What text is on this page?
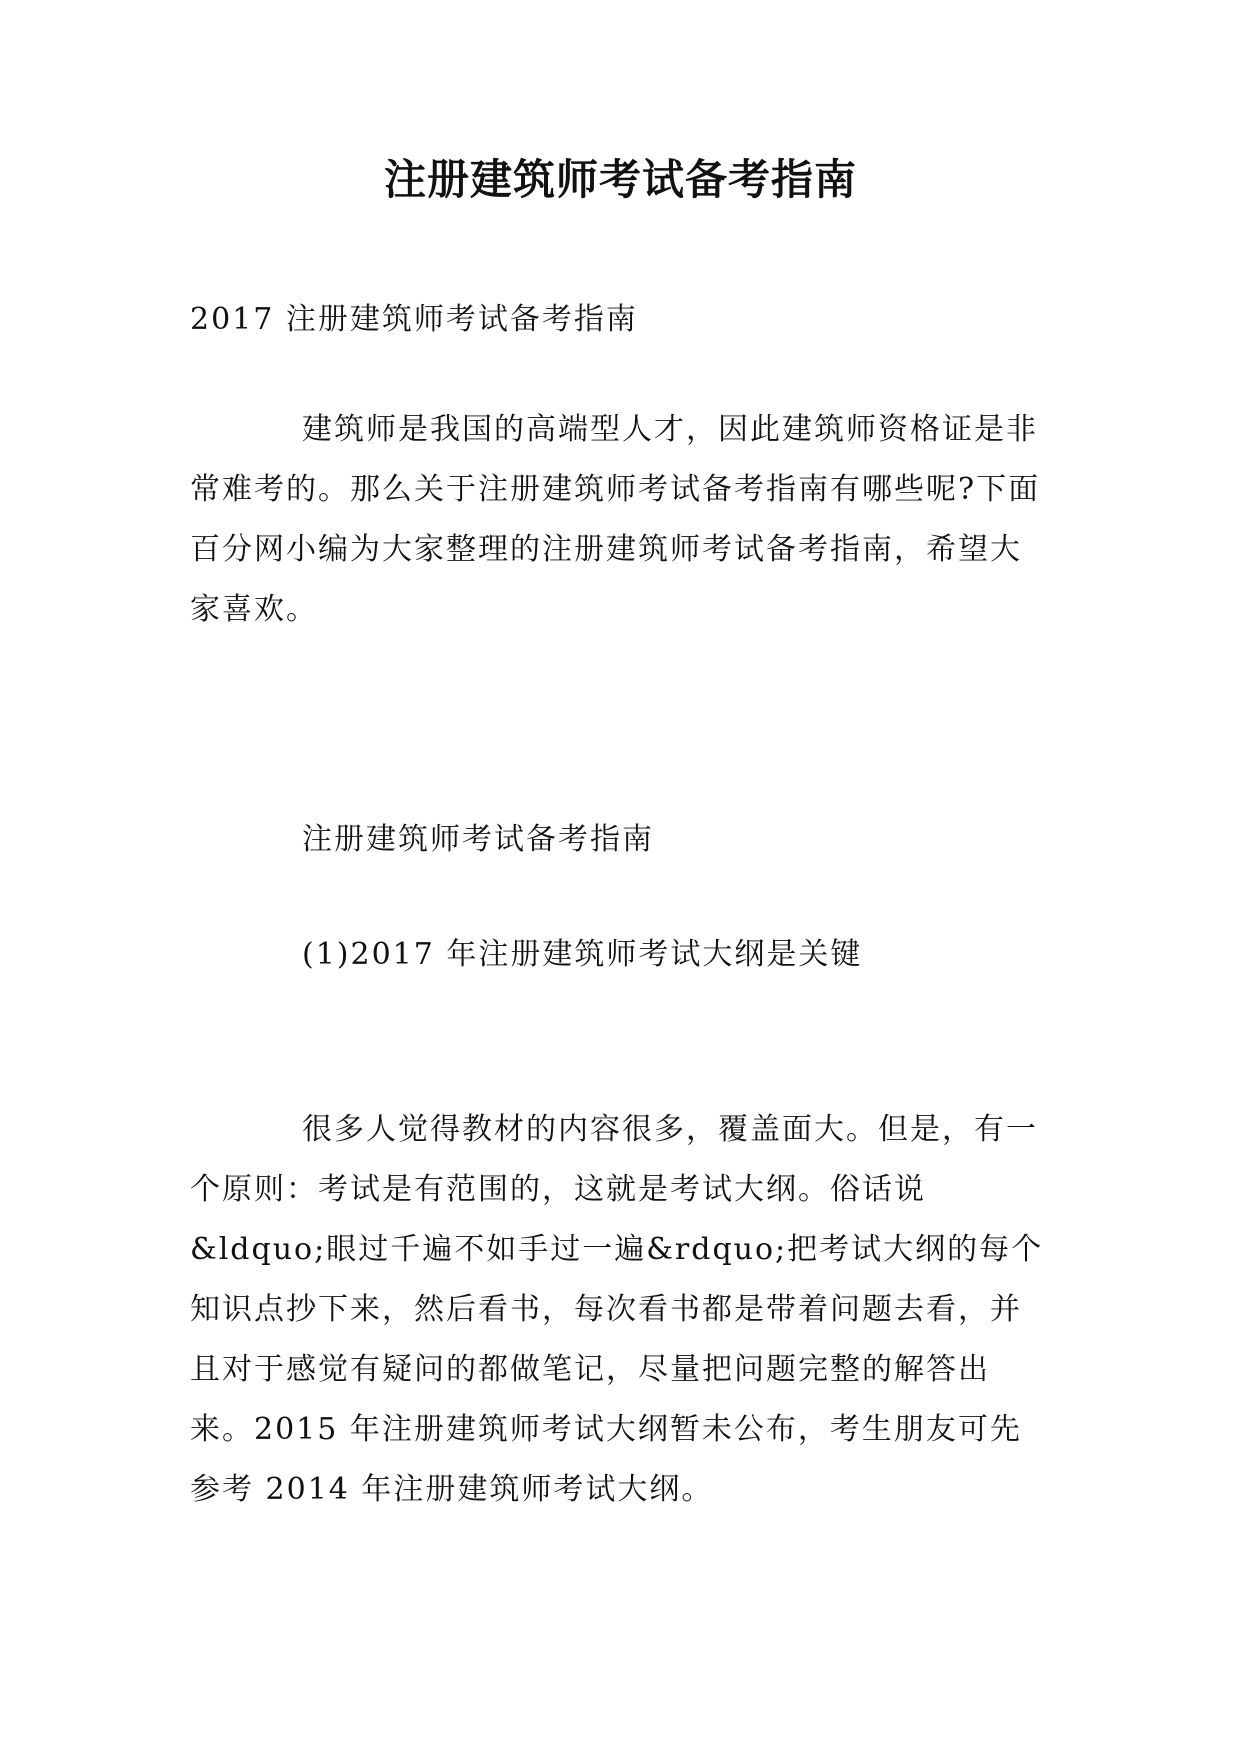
注册建筑师考试备考指南

2017 注册建筑师考试备考指南

建筑师是我国的高端型人才，因此建筑师资格证是非常难考的。那么关于注册建筑师考试备考指南有哪些呢?下面百分网小编为大家整理的注册建筑师考试备考指南，希望大家喜欢。

注册建筑师考试备考指南

(1)2017 年注册建筑师考试大纲是关键

很多人觉得教材的内容很多，覆盖面大。但是，有一个原则：考试是有范围的，这就是考试大纲。俗话说&ldquo;眼过千遍不如手过一遍&rdquo;把考试大纲的每个知识点抄下来，然后看书，每次看书都是带着问题去看，并且对于感觉有疑问的都做笔记，尽量把问题完整的解答出来。2015 年注册建筑师考试大纲暂未公布，考生朋友可先参考 2014 年注册建筑师考试大纲。
